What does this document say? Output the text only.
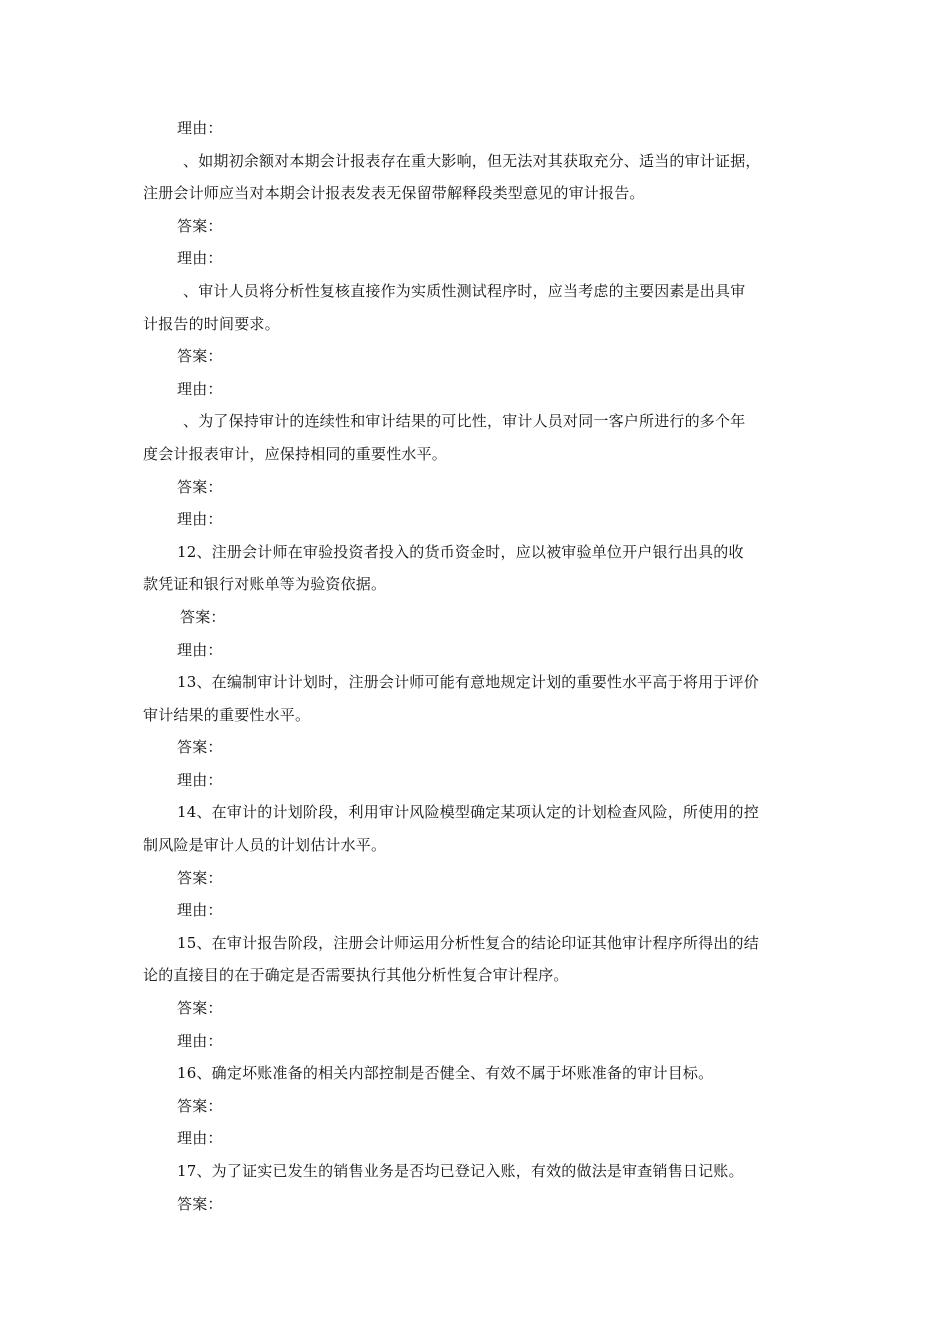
理由：
、如期初余额对本期会计报表存在重大影响，但无法对其获取充分、适当的审计证据，
注册会计师应当对本期会计报表发表无保留带解释段类型意见的审计报告。
答案：
理由：
、审计人员将分析性复核直接作为实质性测试程序时，应当考虑的主要因素是出具审
计报告的时间要求。
答案：
理由：
、为了保持审计的连续性和审计结果的可比性，审计人员对同一客户所进行的多个年
度会计报表审计，应保持相同的重要性水平。
答案：
理由：
12、注册会计师在审验投资者投入的货币资金时，应以被审验单位开户银行出具的收
款凭证和银行对账单等为验资依据。
答案：
理由：
13、在编制审计计划时，注册会计师可能有意地规定计划的重要性水平高于将用于评价
审计结果的重要性水平。
答案：
理由：
14、在审计的计划阶段，利用审计风险模型确定某项认定的计划检查风险，所使用的控
制风险是审计人员的计划估计水平。
答案：
理由：
15、在审计报告阶段，注册会计师运用分析性复合的结论印证其他审计程序所得出的结
论的直接目的在于确定是否需要执行其他分析性复合审计程序。
答案：
理由：
16、确定坏账准备的相关内部控制是否健全、有效不属于坏账准备的审计目标。
答案：
理由：
17、为了证实已发生的销售业务是否均已登记入账，有效的做法是审查销售日记账。
答案：
